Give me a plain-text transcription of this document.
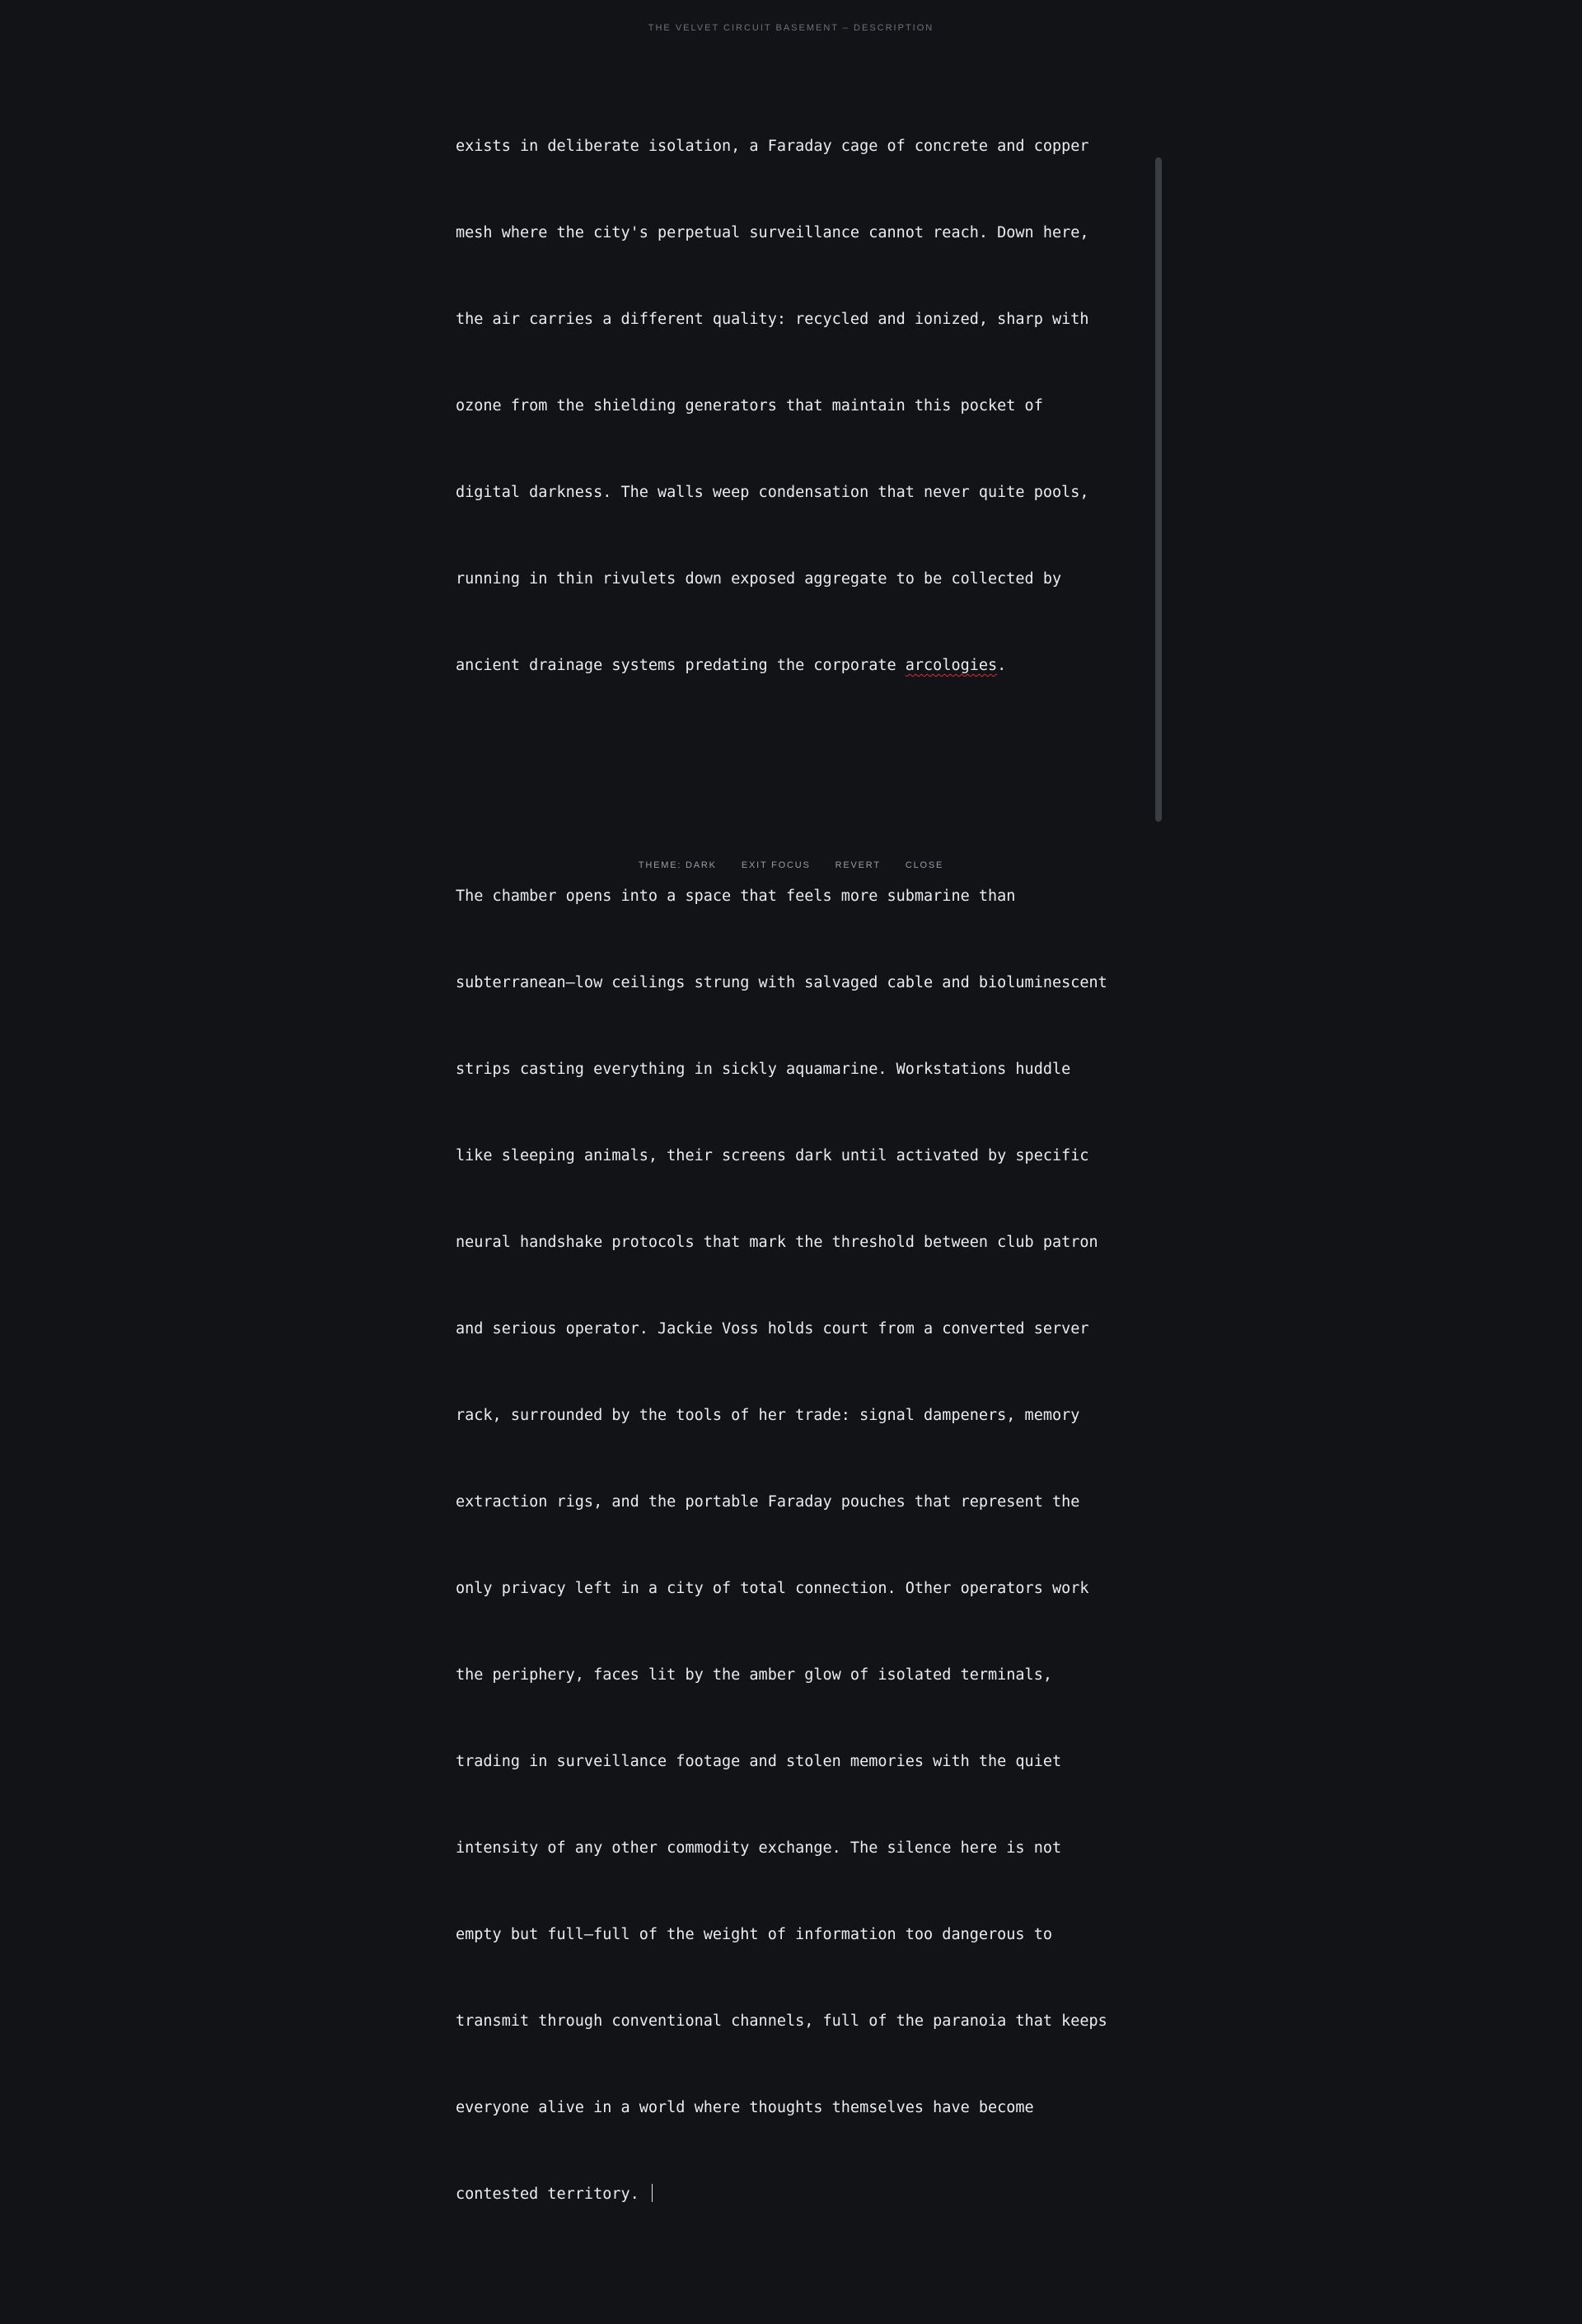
THE VELVET CIRCUIT BASEMENT – DESCRIPTION

exists in deliberate isolation, a Faraday cage of concrete and copper

mesh where the city's perpetual surveillance cannot reach. Down here,

the air carries a different quality: recycled and ionized, sharp with

ozone from the shielding generators that maintain this pocket of

digital darkness. The walls weep condensation that never quite pools,

running in thin rivulets down exposed aggregate to be collected by

ancient drainage systems predating the corporate arcologies.

The chamber opens into a space that feels more submarine than

subterranean—low ceilings strung with salvaged cable and bioluminescent

strips casting everything in sickly aquamarine. Workstations huddle

like sleeping animals, their screens dark until activated by specific

neural handshake protocols that mark the threshold between club patron

and serious operator. Jackie Voss holds court from a converted server

rack, surrounded by the tools of her trade: signal dampeners, memory

extraction rigs, and the portable Faraday pouches that represent the

only privacy left in a city of total connection. Other operators work

the periphery, faces lit by the amber glow of isolated terminals,

trading in surveillance footage and stolen memories with the quiet

intensity of any other commodity exchange. The silence here is not

empty but full—full of the weight of information too dangerous to

transmit through conventional channels, full of the paranoia that keeps

everyone alive in a world where thoughts themselves have become

contested territory.

THEME: DARK	EXIT FOCUS	REVERT	CLOSE
